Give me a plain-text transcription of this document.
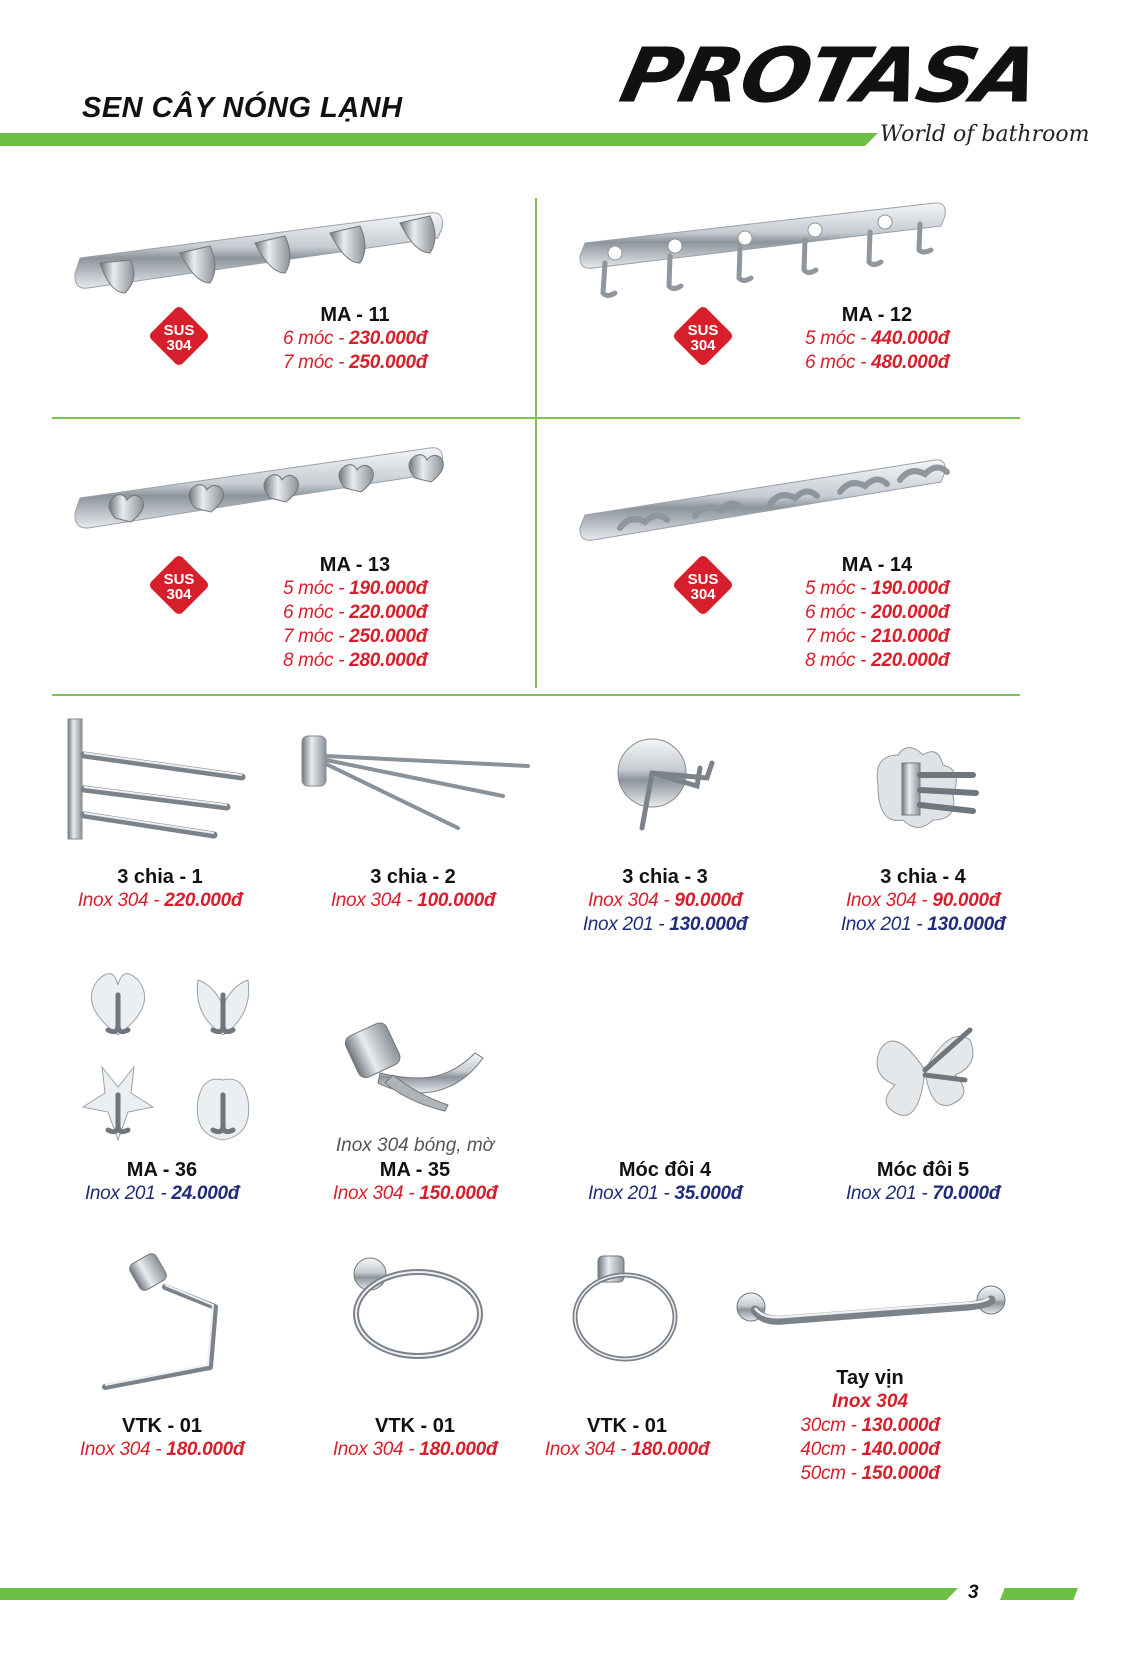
SEN CÂY NÓNG LẠNH	PROTASA
World of bathroom
SUS
304
SUS
304
SUS
304
SUS
304
MA - 11
6 móc - 230.000đ
7 móc - 250.000đ
MA - 12
5 móc - 440.000đ
6 móc - 480.000đ
MA - 13
5 móc - 190.000đ
6 móc - 220.000đ
7 móc - 250.000đ
8 móc - 280.000đ
MA - 14
5 móc - 190.000đ
6 móc - 200.000đ
7 móc - 210.000đ
8 móc - 220.000đ
3 chia - 1
Inox 304 - 220.000đ
3 chia - 2
Inox 304 - 100.000đ
3 chia - 3
Inox 304 - 90.000đ
Inox 201 - 130.000đ
3 chia - 4
Inox 304 - 90.000đ
Inox 201 - 130.000đ
MA - 36
Inox 201 - 24.000đ
Inox 304 bóng, mờ
MA - 35
Inox 304 - 150.000đ
Móc đôi 4
Inox 201 - 35.000đ
Móc đôi 5
Inox 201 - 70.000đ
VTK - 01
Inox 304 - 180.000đ
VTK - 01
Inox 304 - 180.000đ
VTK - 01
Inox 304 - 180.000đ
Tay vịn
Inox 304
30cm - 130.000đ
40cm - 140.000đ
50cm - 150.000đ
3
